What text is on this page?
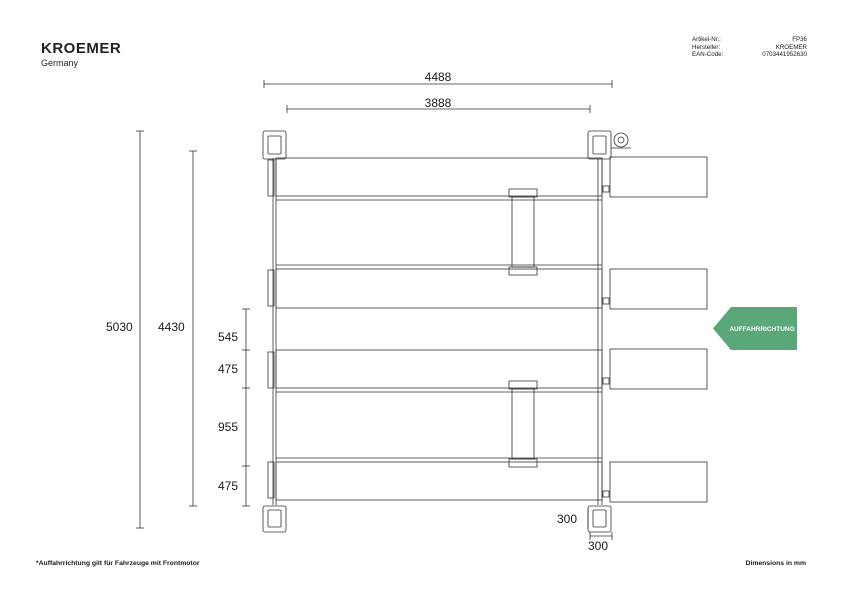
KROEMER
Germany
Artikel-Nr.:	FP36
Hersteller:	KROEMER
EAN-Code:	0703441952630
AUFFAHRRICHTUNG
4488
3888
5030 4430
545
475
955
475
300
300
*Auffahrrichtung gilt für Fahrzeuge mit Frontmotor	Dimensions in mm
